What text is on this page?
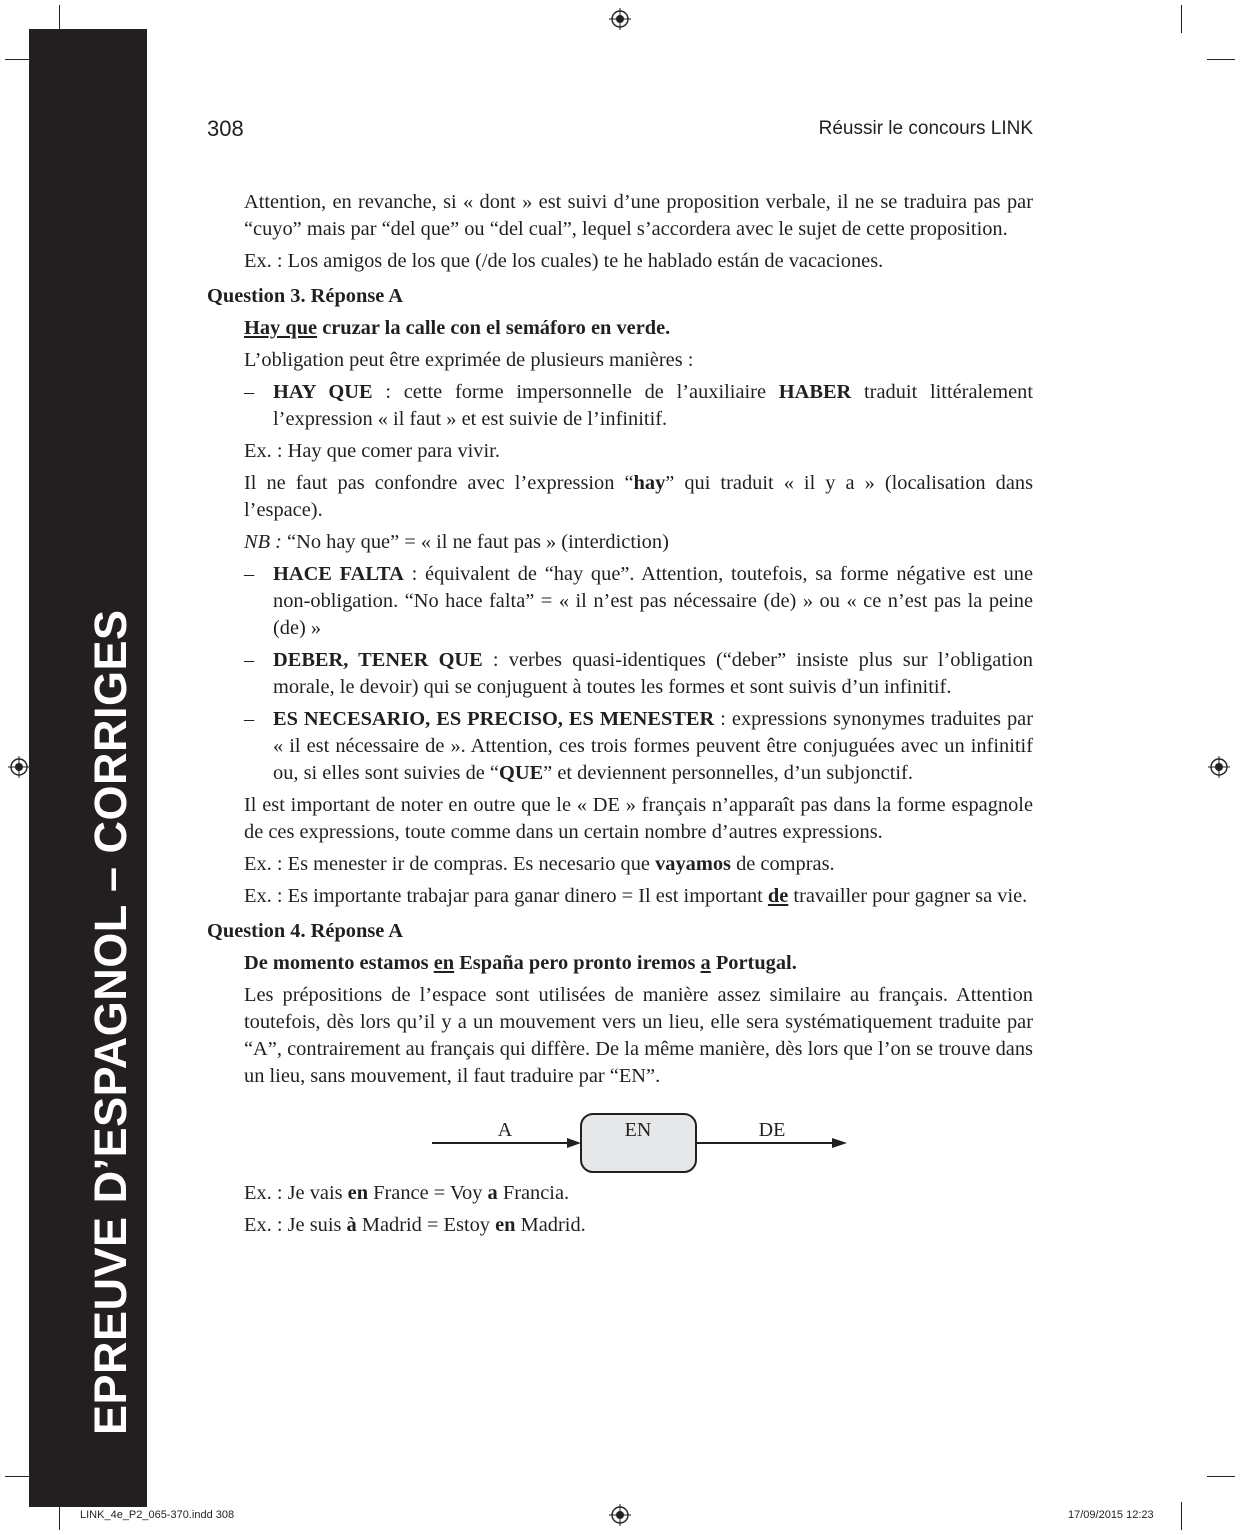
EPREUVE D’ESPAGNOL – CORRIGES
308	Réussir le concours LINK

Attention, en revanche, si « dont » est suivi d’une proposition verbale, il ne se traduira pas par “cuyo” mais par “del que” ou “del cual”, lequel s’accordera avec le sujet de cette proposition.

Ex. : Los amigos de los que (/de los cuales) te he hablado están de vacaciones.

Question 3. Réponse A

Hay que cruzar la calle con el semáforo en verde.

L’obligation peut être exprimée de plusieurs manières :

– HAY QUE : cette forme impersonnelle de l’auxiliaire HABER traduit littéralement l’expression « il faut » et est suivie de l’infinitif.

Ex. : Hay que comer para vivir.

Il ne faut pas confondre avec l’expression “hay” qui traduit « il y a » (localisation dans l’espace).

NB : “No hay que” = « il ne faut pas » (interdiction)

– HACE FALTA : équivalent de “hay que”. Attention, toutefois, sa forme négative est une non-obligation. “No hace falta” = « il n’est pas nécessaire (de) » ou « ce n’est pas la peine (de) »
– DEBER, TENER QUE : verbes quasi-identiques (“deber” insiste plus sur l’obligation morale, le devoir) qui se conjuguent à toutes les formes et sont suivis d’un infinitif.
– ES NECESARIO, ES PRECISO, ES MENESTER : expressions synonymes traduites par « il est nécessaire de ». Attention, ces trois formes peuvent être conjuguées avec un infinitif ou, si elles sont suivies de “QUE” et deviennent personnelles, d’un subjonctif.

Il est important de noter en outre que le « DE » français n’apparaît pas dans la forme espagnole de ces expressions, toute comme dans un certain nombre d’autres expressions.

Ex. : Es menester ir de compras. Es necesario que vayamos de compras.

Ex. : Es importante trabajar para ganar dinero = Il est important de travailler pour gagner sa vie.

Question 4. Réponse A

De momento estamos en España pero pronto iremos a Portugal.

Les prépositions de l’espace sont utilisées de manière assez similaire au français. Attention toutefois, dès lors qu’il y a un mouvement vers un lieu, elle sera systématiquement traduite par “A”, contrairement au français qui diffère. De la même manière, dès lors que l’on se trouve dans un lieu, sans mouvement, il faut traduire par “EN”.

A	EN	DE

Ex. : Je vais en France = Voy a Francia.

Ex. : Je suis à Madrid = Estoy en Madrid.

LINK_4e_P2_065-370.indd 308	17/09/2015 12:23
